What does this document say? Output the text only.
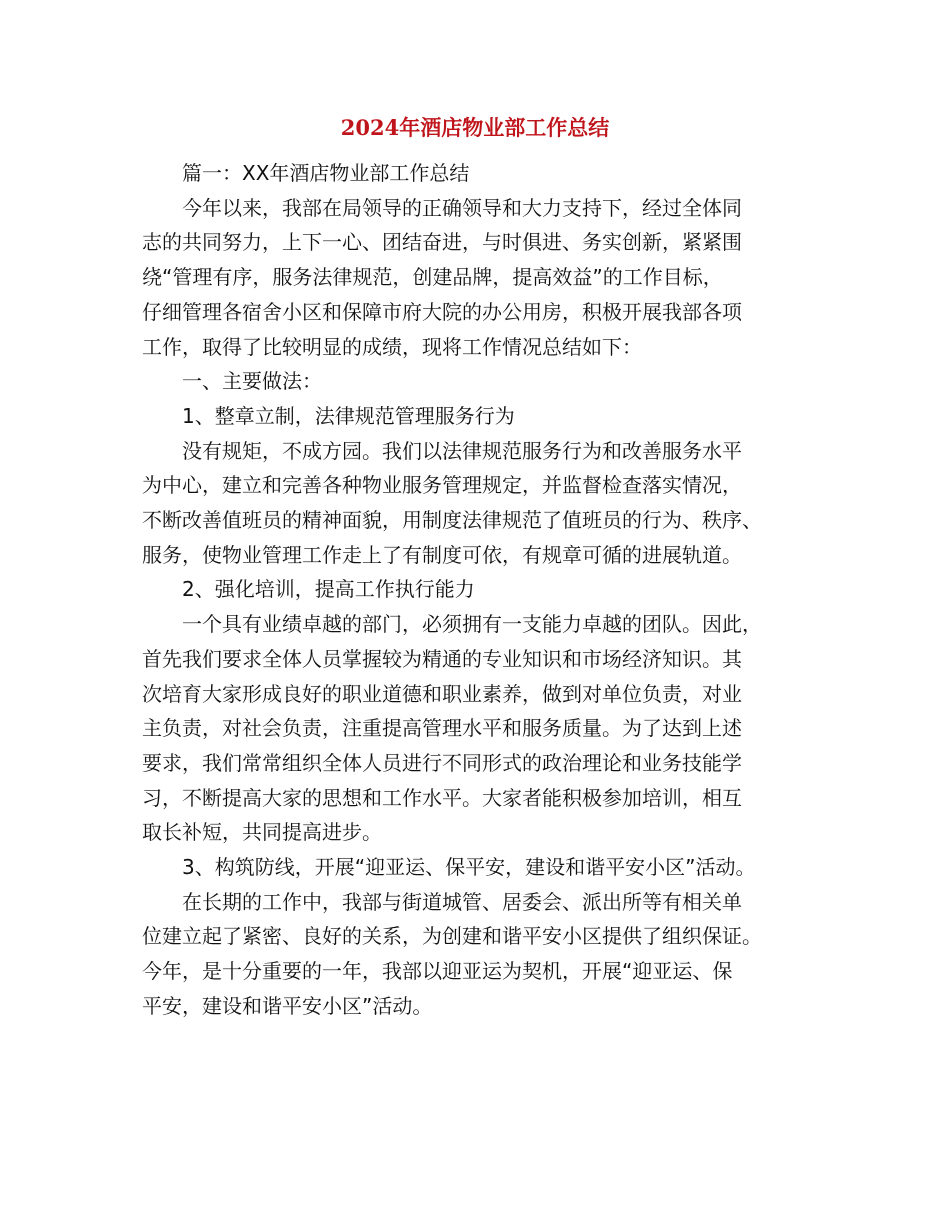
2024年酒店物业部工作总结

篇一：XX年酒店物业部工作总结

今年以来，我部在局领导的正确领导和大力支持下，经过全体同

志的共同努力，上下一心、团结奋进，与时俱进、务实创新，紧紧围

绕“管理有序，服务法律规范，创建品牌，提高效益”的工作目标，

仔细管理各宿舍小区和保障市府大院的办公用房，积极开展我部各项

工作，取得了比较明显的成绩，现将工作情况总结如下：

一、主要做法：

1、整章立制，法律规范管理服务行为

没有规矩，不成方园。我们以法律规范服务行为和改善服务水平

为中心，建立和完善各种物业服务管理规定，并监督检查落实情况，

不断改善值班员的精神面貌，用制度法律规范了值班员的行为、秩序、

服务，使物业管理工作走上了有制度可依，有规章可循的进展轨道。

2、强化培训，提高工作执行能力

一个具有业绩卓越的部门，必须拥有一支能力卓越的团队。因此，

首先我们要求全体人员掌握较为精通的专业知识和市场经济知识。其

次培育大家形成良好的职业道德和职业素养，做到对单位负责，对业

主负责，对社会负责，注重提高管理水平和服务质量。为了达到上述

要求，我们常常组织全体人员进行不同形式的政治理论和业务技能学

习，不断提高大家的思想和工作水平。大家者能积极参加培训，相互

取长补短，共同提高进步。

3、构筑防线，开展“迎亚运、保平安，建设和谐平安小区”活动。

在长期的工作中，我部与街道城管、居委会、派出所等有相关单

位建立起了紧密、良好的关系，为创建和谐平安小区提供了组织保证。

今年，是十分重要的一年，我部以迎亚运为契机，开展“迎亚运、保

平安，建设和谐平安小区”活动。
